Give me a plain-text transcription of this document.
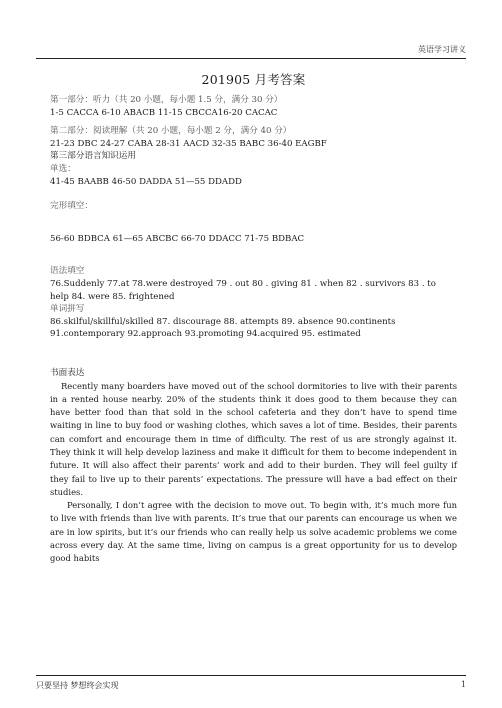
英语学习讲义
201905 月考答案
第一部分：听力（共 20 小题，每小题 1.5 分，满分 30 分）
1-5 CACCA 6-10 ABACB 11-15 CBCCA16-20 CACAC
第二部分：阅读理解（共 20 小题，每小题 2 分，满分 40 分）
21-23 DBC 24-27 CABA 28-31 AACD 32-35 BABC 36-40 EAGBF
第三部分语言知识运用
单选：
41-45 BAABB 46-50 DADDA 51—55 DDADD
完形填空：
56-60 BDBCA 61—65 ABCBC 66-70 DDACC 71-75 BDBAC
语法填空
76.Suddenly 77.at 78.were destroyed 79 . out 80 . giving 81 . when 82 . survivors 83 . to
help 84. were 85. frightened
单词拼写
86.skilful/skillful/skilled 87. discourage 88. attempts 89. absence 90.continents
91.contemporary 92.approach 93.promoting 94.acquired 95. estimated
书面表达

Recently many boarders have moved out of the school dormitories to live with their parents in a rented house nearby. 20% of the students think it does good to them because they can have better food than that sold in the school cafeteria and they don’t have to spend time waiting in line to buy food or washing clothes, which saves a lot of time. Besides, their parents can comfort and encourage them in time of difficulty. The rest of us are strongly against it. They think it will help develop laziness and make it difficult for them to become independent in future. It will also affect their parents’ work and add to their burden. They will feel guilty if they fail to live up to their parents’ expectations. The pressure will have a bad effect on their studies.

Personally, I don’t agree with the decision to move out. To begin with, it’s much more fun to live with friends than live with parents. It’s true that our parents can encourage us when we are in low spirits, but it’s our friends who can really help us solve academic problems we come across every day. At the same time, living on campus is a great opportunity for us to develop good habits

只要坚持 梦想终会实现	1
